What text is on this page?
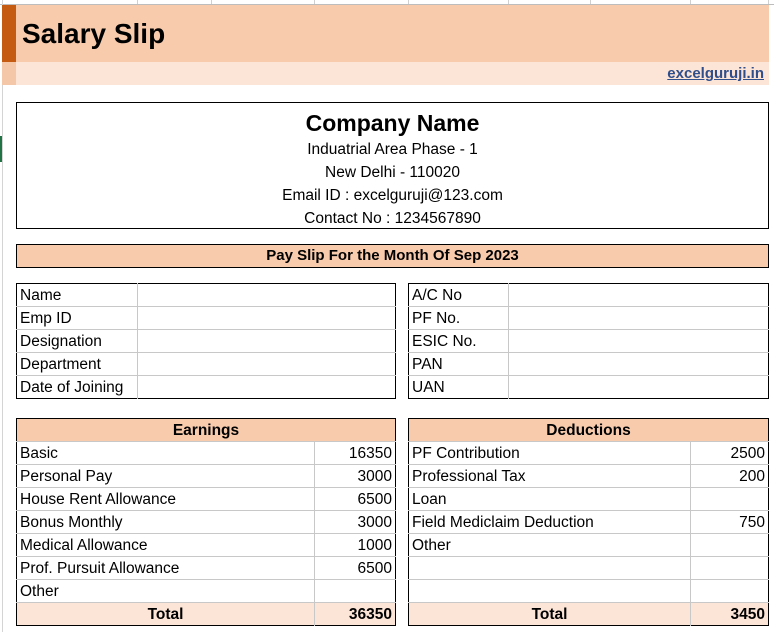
Salary Slip
excelguruji.in
Company Name
Induatrial Area Phase - 1
New Delhi - 110020
Email ID : excelguruji@123.com
Contact No : 1234567890
Pay Slip For the Month Of Sep 2023
Name	
Emp ID	
Designation	
Department	
Date of Joining	
A/C No	
PF No.	
ESIC No.	
PAN	
UAN	
Earnings	
Basic	16350
Personal Pay	3000
House Rent Allowance	6500
Bonus Monthly	3000
Medical Allowance	1000
Prof. Pursuit Allowance	6500
Other	
Total	36350
Deductions	
PF Contribution	2500
Professional Tax	200
Loan	
Field Mediclaim Deduction	750
Other	

Total	3450
